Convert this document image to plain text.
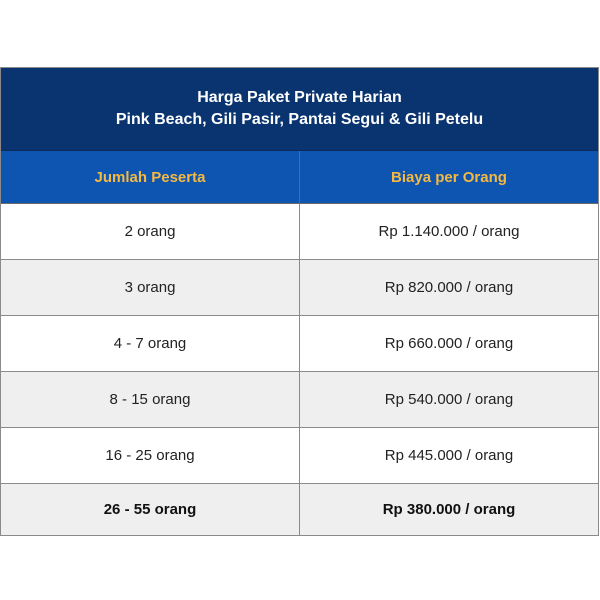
Harga Paket Private Harian
Pink Beach, Gili Pasir, Pantai Segui & Gili Petelu
Jumlah Peserta	Biaya per Orang
2 orang	Rp 1.140.000 / orang
3 orang	Rp 820.000 / orang
4 - 7 orang	Rp 660.000 / orang
8 - 15 orang	Rp 540.000 / orang
16 - 25 orang	Rp 445.000 / orang
26 - 55 orang	Rp 380.000 / orang
